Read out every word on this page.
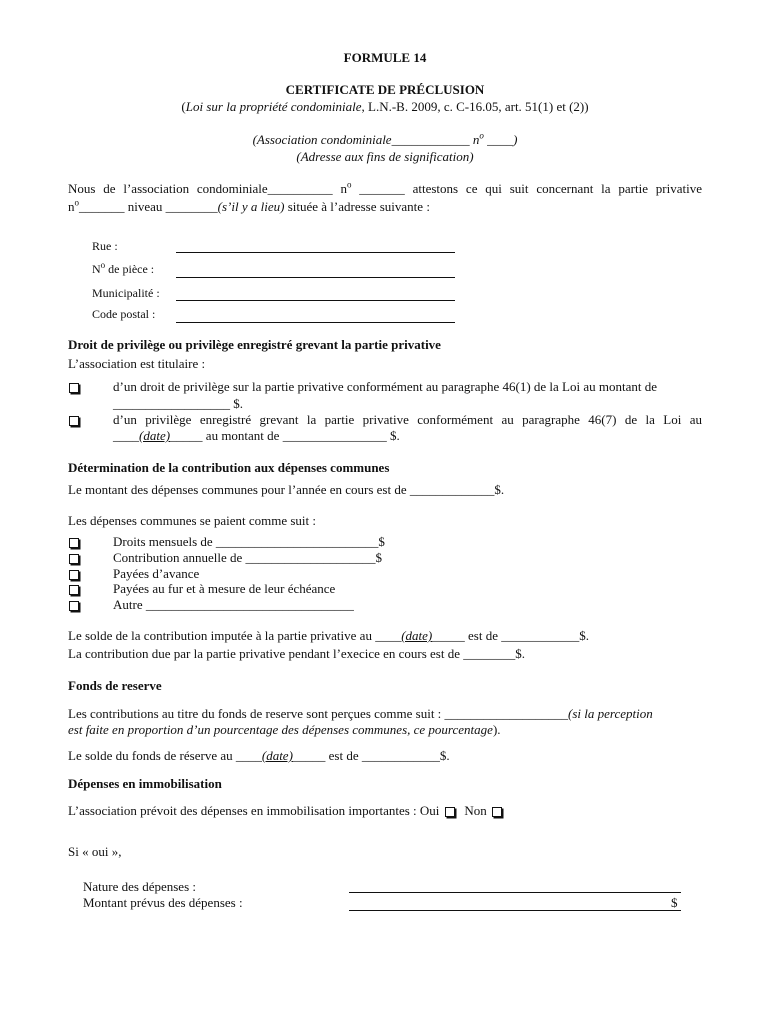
FORMULE 14
CERTIFICATE DE PRÉCLUSION
(Loi sur la propriété condominiale, L.N.-B. 2009, c. C-16.05, art. 51(1) et (2))
(Association condominiale____________ $n^o$ ____)
(Adresse aux fins de signification)
Nous de l’association condominiale__________ $n^o$ _______ attestons ce qui suit concernant la partie privative
$n^o\_\_\_\_\_\_\_$ niveau ________(s’il y a lieu) située à l’adresse suivante :
Rue :
$N^o$ de pièce :
Municipalité :
Code postal :
Droit de privilège ou privilège enregistré grevant la partie privative
L’association est titulaire :
d’un droit de privilège sur la partie privative conformément au paragraphe 46(1) de la Loi au montant de
__________________ $.
d’un privilège enregistré grevant la partie privative conformément au paragraphe 46(7) de la Loi au
____(date)_____ au montant de ________________ $.
Détermination de la contribution aux dépenses communes
Le montant des dépenses communes pour l’année en cours est de _____________$.
Les dépenses communes se paient comme suit :
Droits mensuels de _________________________$
Contribution annuelle de ____________________$
Payées d’avance
Payées au fur et à mesure de leur échéance
Autre ________________________________
Le solde de la contribution imputée à la partie privative au ____(date)_____ est de ____________$.
La contribution due par la partie privative pendant l’execice en cours est de ________$.
Fonds de reserve
Les contributions au titre du fonds de reserve sont perçues comme suit : ___________________(si la perception
est faite en proportion d’un pourcentage des dépenses communes, ce pourcentage).
Le solde du fonds de réserve au ____(date)_____ est de ____________$.
Dépenses en immobilisation
L’association prévoit des dépenses en immobilisation importantes : Oui Non
Si « oui »,
Nature des dépenses :
Montant prévus des dépenses :	$
